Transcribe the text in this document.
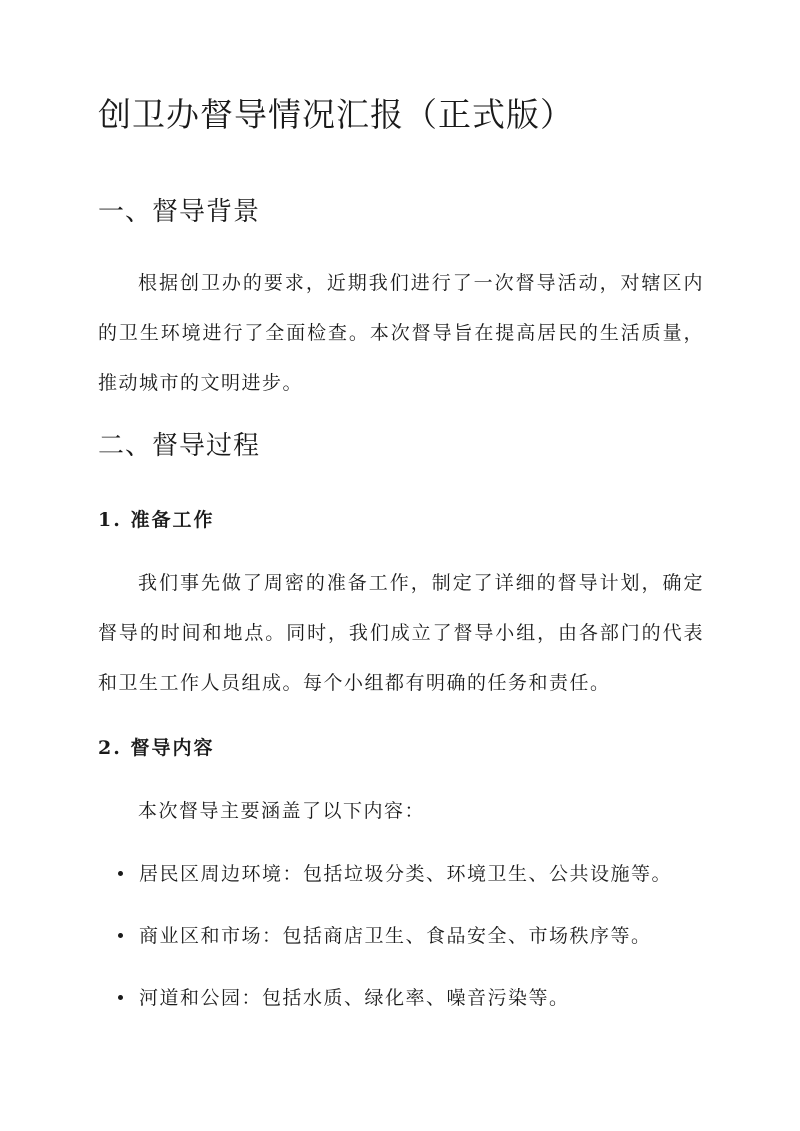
创卫办督导情况汇报（正式版）
一、督导背景

根据创卫办的要求，近期我们进行了一次督导活动，对辖区内的卫生环境进行了全面检查。本次督导旨在提高居民的生活质量，推动城市的文明进步。

二、督导过程
1. 准备工作

我们事先做了周密的准备工作，制定了详细的督导计划，确定督导的时间和地点。同时，我们成立了督导小组，由各部门的代表和卫生工作人员组成。每个小组都有明确的任务和责任。

2. 督导内容

本次督导主要涵盖了以下内容：

居民区周边环境：包括垃圾分类、环境卫生、公共设施等。
商业区和市场：包括商店卫生、食品安全、市场秩序等。
河道和公园：包括水质、绿化率、噪音污染等。
